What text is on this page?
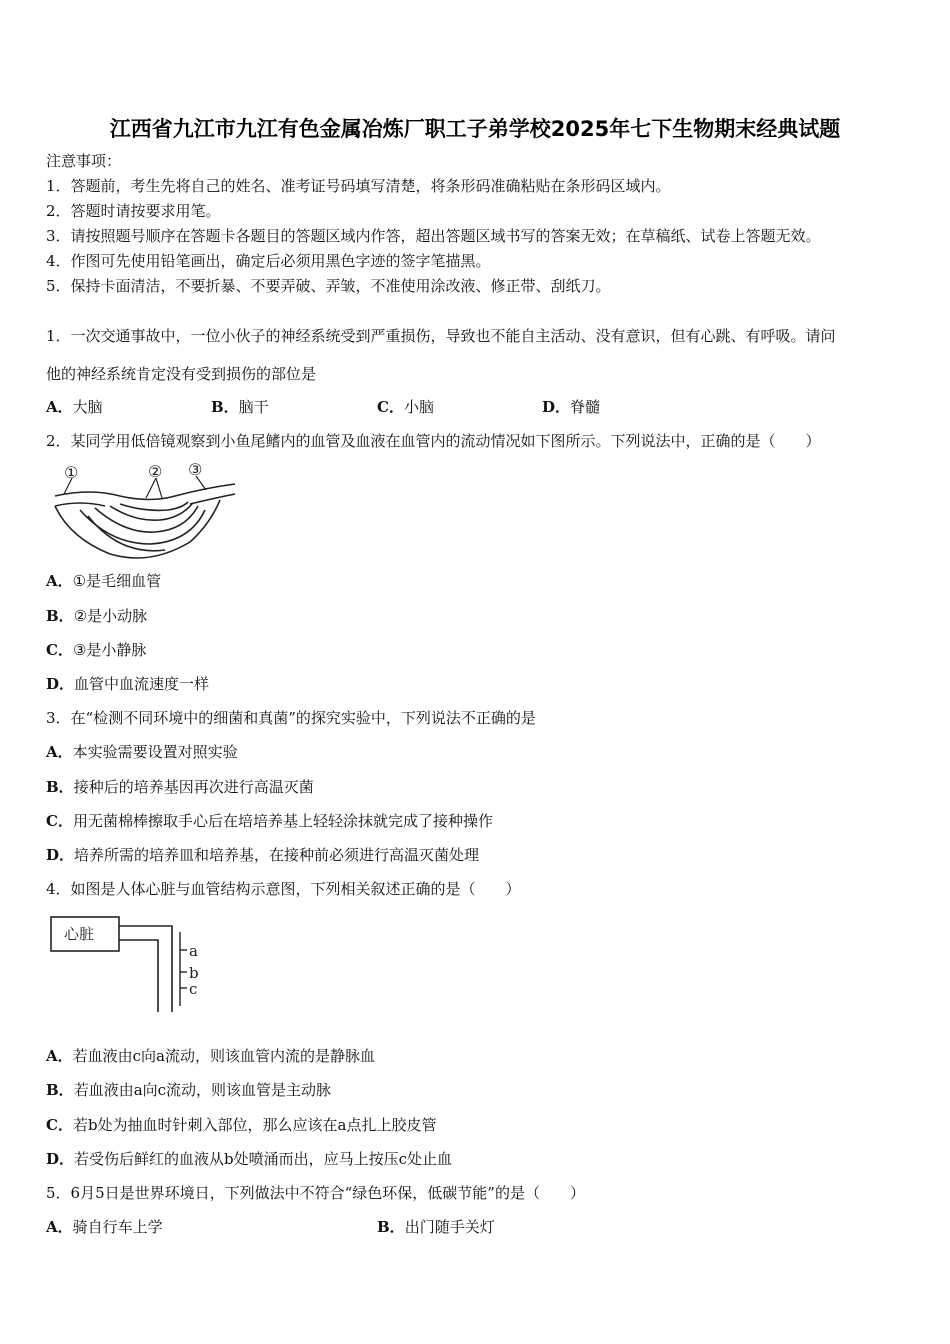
江西省九江市九江有色金属冶炼厂职工子弟学校2025年七下生物期末经典试题
注意事项：
1．答题前，考生先将自己的姓名、准考证号码填写清楚，将条形码准确粘贴在条形码区域内。
2．答题时请按要求用笔。
3．请按照题号顺序在答题卡各题目的答题区域内作答，超出答题区域书写的答案无效；在草稿纸、试卷上答题无效。
4．作图可先使用铅笔画出，确定后必须用黑色字迹的签字笔描黑。
5．保持卡面清洁，不要折暴、不要弄破、弄皱，不准使用涂改液、修正带、刮纸刀。
1．一次交通事故中，一位小伙子的神经系统受到严重损伤，导致也不能自主活动、没有意识，但有心跳、有呼吸。请问
他的神经系统肯定没有受到损伤的部位是
A．大脑	B．脑干	C．小脑	D．脊髓
2．某同学用低倍镜观察到小鱼尾鳍内的血管及血液在血管内的流动情况如下图所示。下列说法中，正确的是（　　）
①	② ③
A．①是毛细血管
B．②是小动脉
C．③是小静脉
D．血管中血流速度一样
3．在“检测不同环境中的细菌和真菌”的探究实验中，下列说法不正确的是
A．本实验需要设置对照实验
B．接种后的培养基因再次进行高温灭菌
C．用无菌棉棒擦取手心后在培培养基上轻轻涂抹就完成了接种操作
D．培养所需的培养皿和培养基，在接种前必须进行高温灭菌处理
4．如图是人体心脏与血管结构示意图，下列相关叙述正确的是（　　）
心脏
a
b
c
A．若血液由c向a流动，则该血管内流的是静脉血
B．若血液由a向c流动，则该血管是主动脉
C．若b处为抽血时针刺入部位，那么应该在a点扎上胶皮管
D．若受伤后鲜红的血液从b处喷涌而出，应马上按压c处止血
5．6月5日是世界环境日，下列做法中不符合“绿色环保，低碳节能”的是（　　）
A．骑自行车上学	B．出门随手关灯
